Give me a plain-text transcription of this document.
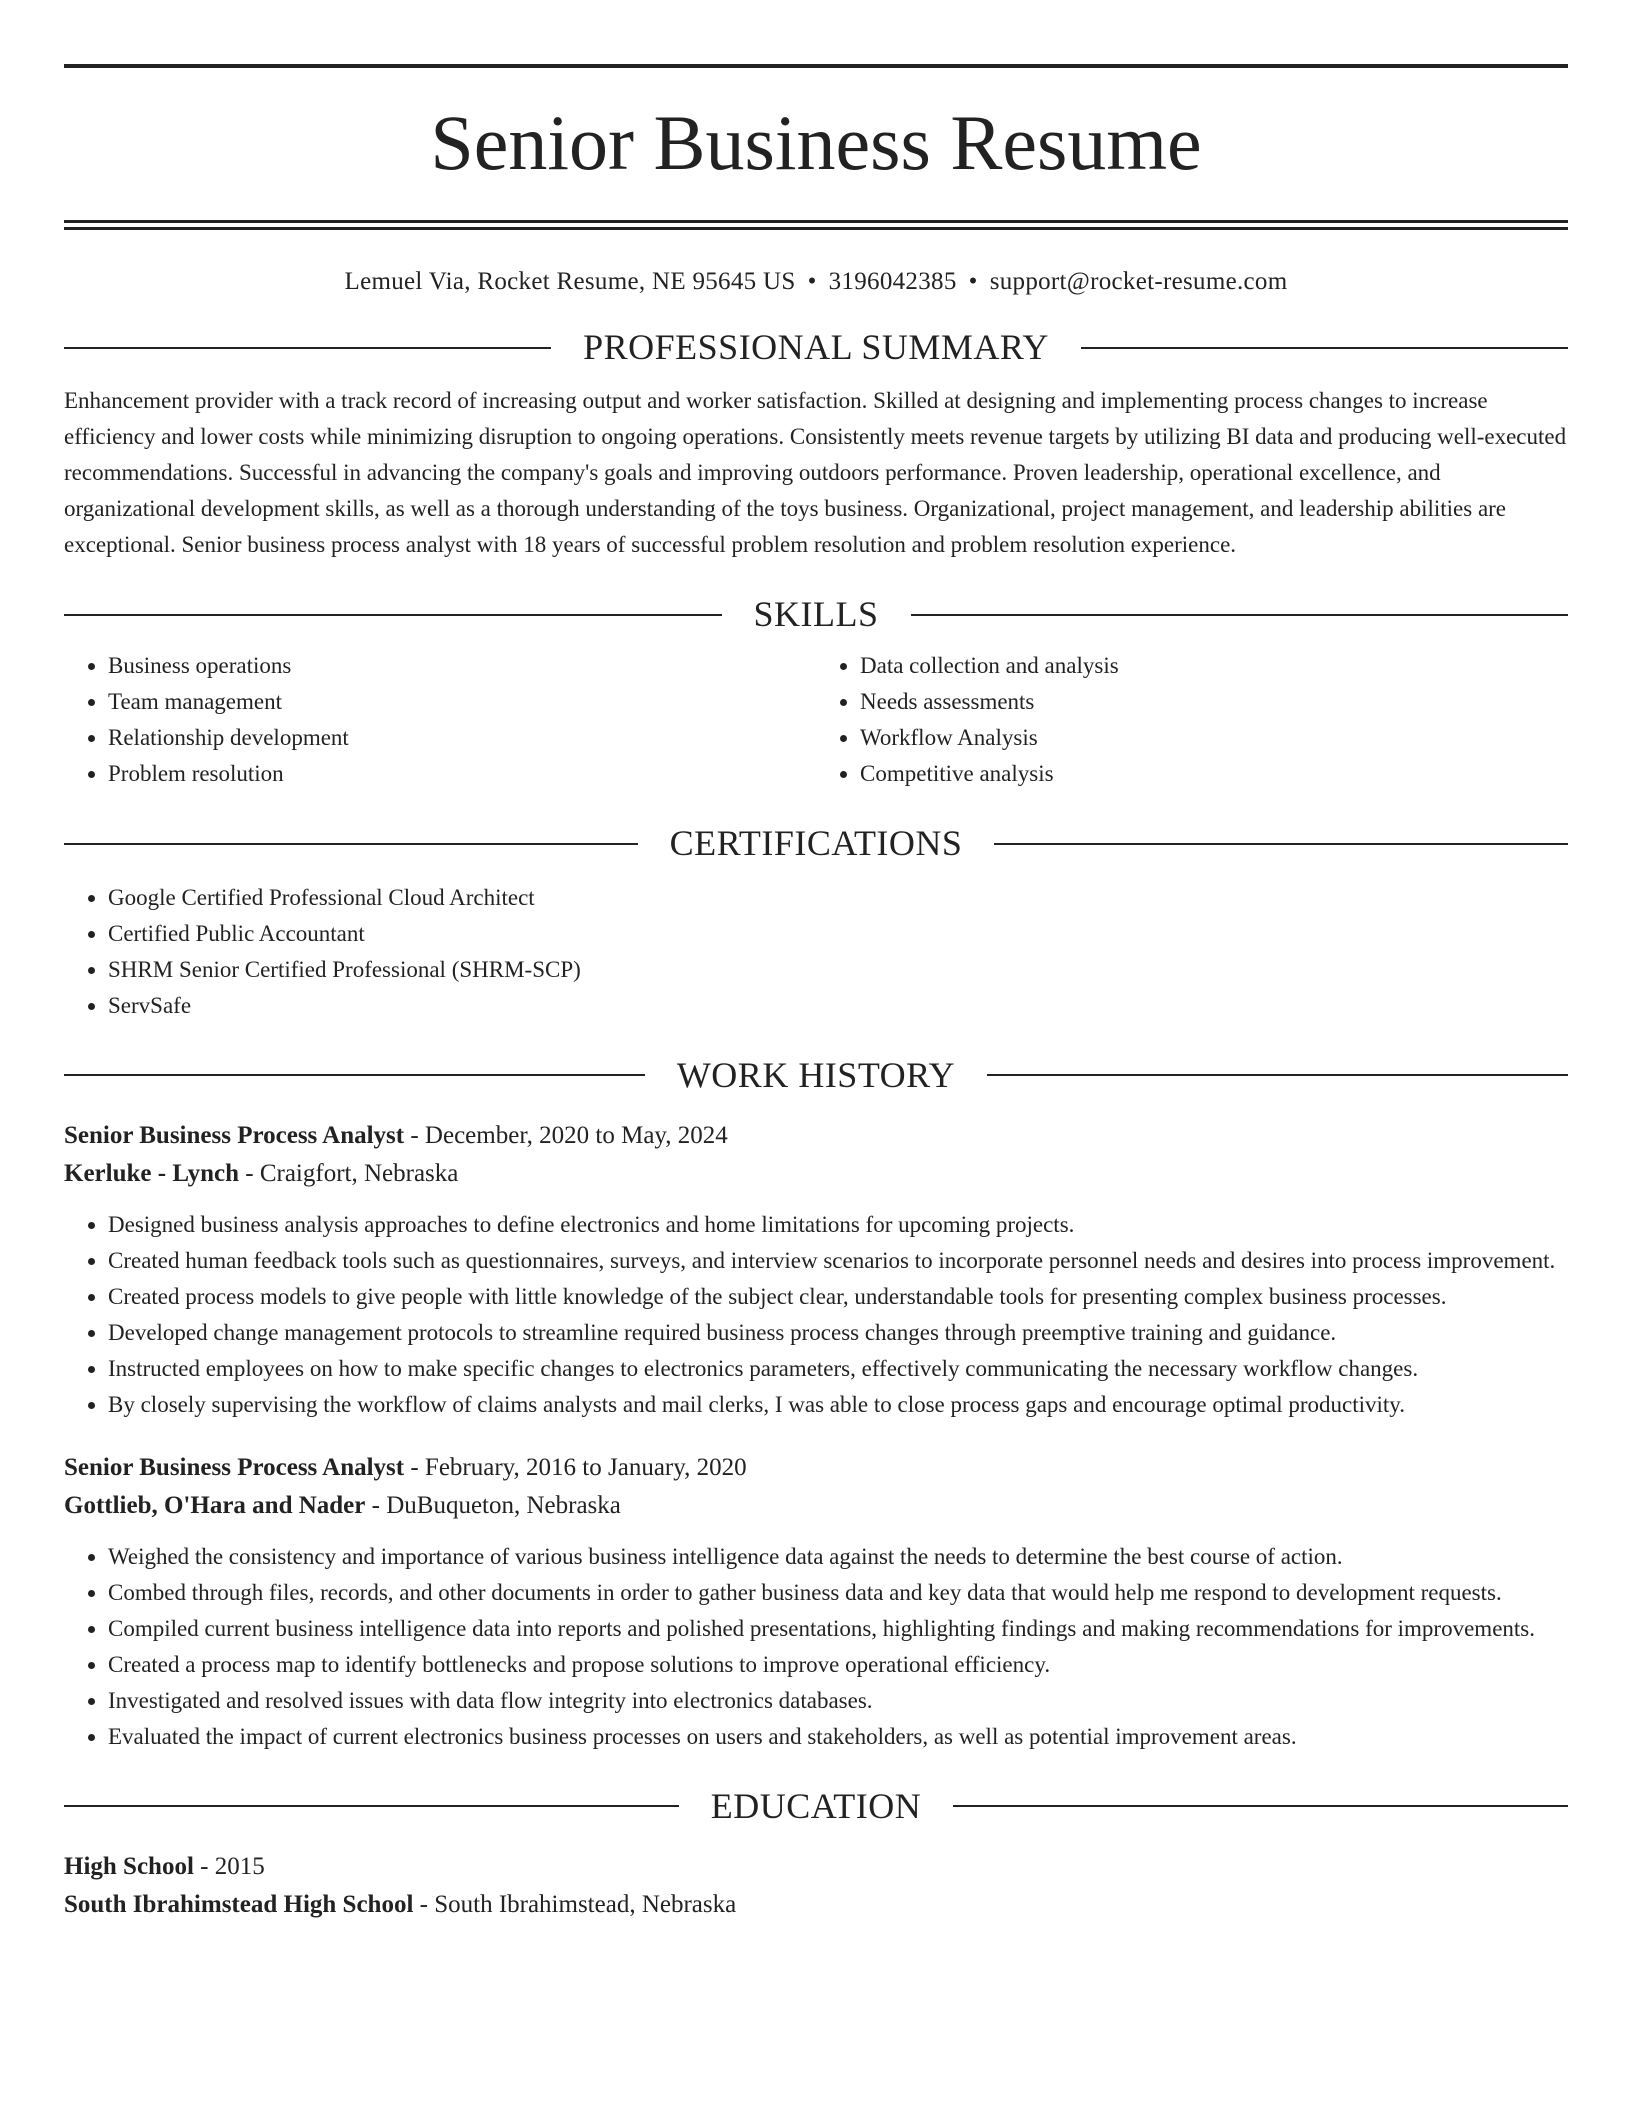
Senior Business Resume
Lemuel Via, Rocket Resume, NE 95645 US • 3196042385 • support@rocket-resume.com
PROFESSIONAL SUMMARY

Enhancement provider with a track record of increasing output and worker satisfaction. Skilled at designing and implementing process changes to increase efficiency and lower costs while minimizing disruption to ongoing operations. Consistently meets revenue targets by utilizing BI data and producing well-executed recommendations. Successful in advancing the company's goals and improving outdoors performance. Proven leadership, operational excellence, and organizational development skills, as well as a thorough understanding of the toys business. Organizational, project management, and leadership abilities are exceptional. Senior business process analyst with 18 years of successful problem resolution and problem resolution experience.

SKILLS
• Business operations
• Team management
• Relationship development
• Problem resolution
• Data collection and analysis
• Needs assessments
• Workflow Analysis
• Competitive analysis
CERTIFICATIONS
• Google Certified Professional Cloud Architect
• Certified Public Accountant
• SHRM Senior Certified Professional (SHRM-SCP)
• ServSafe
WORK HISTORY
Senior Business Process Analyst - December, 2020 to May, 2024
Kerluke - Lynch - Craigfort, Nebraska
• Designed business analysis approaches to define electronics and home limitations for upcoming projects.
• Created human feedback tools such as questionnaires, surveys, and interview scenarios to incorporate personnel needs and desires into process improvement.
• Created process models to give people with little knowledge of the subject clear, understandable tools for presenting complex business processes.
• Developed change management protocols to streamline required business process changes through preemptive training and guidance.
• Instructed employees on how to make specific changes to electronics parameters, effectively communicating the necessary workflow changes.
• By closely supervising the workflow of claims analysts and mail clerks, I was able to close process gaps and encourage optimal productivity.
Senior Business Process Analyst - February, 2016 to January, 2020
Gottlieb, O'Hara and Nader - DuBuqueton, Nebraska
• Weighed the consistency and importance of various business intelligence data against the needs to determine the best course of action.
• Combed through files, records, and other documents in order to gather business data and key data that would help me respond to development requests.
• Compiled current business intelligence data into reports and polished presentations, highlighting findings and making recommendations for improvements.
• Created a process map to identify bottlenecks and propose solutions to improve operational efficiency.
• Investigated and resolved issues with data flow integrity into electronics databases.
• Evaluated the impact of current electronics business processes on users and stakeholders, as well as potential improvement areas.
EDUCATION
High School - 2015
South Ibrahimstead High School - South Ibrahimstead, Nebraska
